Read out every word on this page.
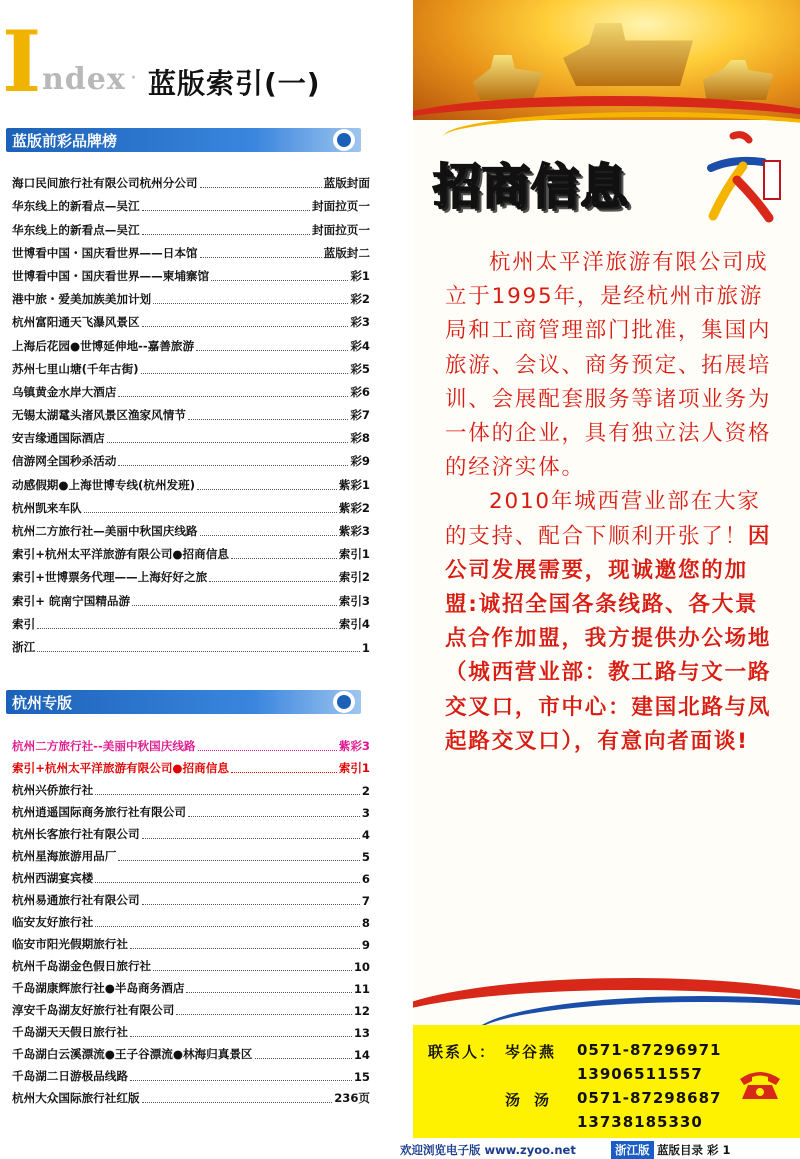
I ndex · 蓝版索引(一)
蓝版前彩品牌榜
海口民间旅行社有限公司杭州分公司	蓝版封面
华东线上的新看点—吴江	封面拉页一
华东线上的新看点—吴江	封面拉页一
世博看中国・国庆看世界——日本馆	蓝版封二
世博看中国・国庆看世界——柬埔寨馆	彩1
港中旅・爱美加族美加计划	彩2
杭州富阳通天飞瀑风景区	彩3
上海后花园●世博延伸地--嘉善旅游	彩4
苏州七里山塘(千年古街)	彩5
乌镇黄金水岸大酒店	彩6
无锡太湖鼋头渚风景区渔家风情节	彩7
安吉缘通国际酒店	彩8
信游网全国秒杀活动	彩9
动感假期●上海世博专线(杭州发班)	紫彩1
杭州凯来车队	紫彩2
杭州二方旅行社—美丽中秋国庆线路	紫彩3
索引+杭州太平洋旅游有限公司●招商信息	索引1
索引+世博票务代理——上海好好之旅	索引2
索引+ 皖南宁国精品游	索引3
索引	索引4
浙江	1
杭州专版
杭州二方旅行社--美丽中秋国庆线路	紫彩3
索引+杭州太平洋旅游有限公司●招商信息	索引1
杭州兴侨旅行社	2
杭州逍遥国际商务旅行社有限公司	3
杭州长客旅行社有限公司	4
杭州星海旅游用品厂	5
杭州西湖宴宾楼	6
杭州易通旅行社有限公司	7
临安友好旅行社	8
临安市阳光假期旅行社	9
杭州千岛湖金色假日旅行社	10
千岛湖康辉旅行社●半岛商务酒店	11
淳安千岛湖友好旅行社有限公司	12
千岛湖天天假日旅行社	13
千岛湖白云溪漂流●王子谷漂流●林海归真景区	14
千岛湖二日游极品线路	15
杭州大众国际旅行社红版	236页
招商信息

杭州太平洋旅游有限公司成立于1995年，是经杭州市旅游局和工商管理部门批准，集国内旅游、会议、商务预定、拓展培训、会展配套服务等诸项业务为一体的企业，具有独立法人资格的经济实体。

2010年城西营业部在大家的支持、配合下顺利开张了！因公司发展需要，现诚邀您的加盟:诚招全国各条线路、各大景点合作加盟，我方提供办公场地（城西营业部：教工路与文一路交叉口，市中心：建国北路与凤起路交叉口），有意向者面谈!

联系人： 岑谷燕 0571-87296971
13906511557
汤汤 0571-87298687
13738185330
欢迎浏览电子版 www.zyoo.net	浙江版 蓝版目录 彩 1
